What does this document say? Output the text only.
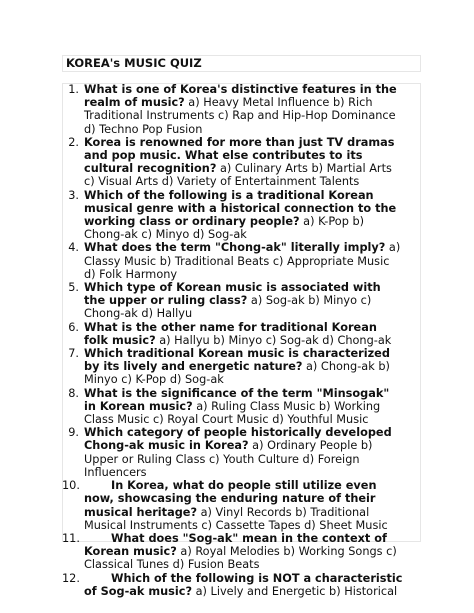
KOREA's MUSIC QUIZ
1. What is one of Korea's distinctive features in the realm of music? a) Heavy Metal Influence b) Rich Traditional Instruments c) Rap and Hip-Hop Dominance d) Techno Pop Fusion
2. Korea is renowned for more than just TV dramas and pop music. What else contributes to its cultural recognition? a) Culinary Arts b) Martial Arts c) Visual Arts d) Variety of Entertainment Talents
3. Which of the following is a traditional Korean musical genre with a historical connection to the working class or ordinary people? a) K-Pop b) Chong-ak c) Minyo d) Sog-ak
4. What does the term "Chong-ak" literally imply? a) Classy Music b) Traditional Beats c) Appropriate Music d) Folk Harmony
5. Which type of Korean music is associated with the upper or ruling class? a) Sog-ak b) Minyo c) Chong-ak d) Hallyu
6. What is the other name for traditional Korean folk music? a) Hallyu b) Minyo c) Sog-ak d) Chong-ak
7. Which traditional Korean music is characterized by its lively and energetic nature? a) Chong-ak b) Minyo c) K-Pop d) Sog-ak
8. What is the significance of the term "Minsogak" in Korean music? a) Ruling Class Music b) Working Class Music c) Royal Court Music d) Youthful Music
9. Which category of people historically developed Chong-ak music in Korea? a) Ordinary People b) Upper or Ruling Class c) Youth Culture d) Foreign Influencers
10.	In Korea, what do people still utilize even now, showcasing the enduring nature of their musical heritage? a) Vinyl Records b) Traditional Musical Instruments c) Cassette Tapes d) Sheet Music
11.	What does "Sog-ak" mean in the context of Korean music? a) Royal Melodies b) Working Songs c) Classical Tunes d) Fusion Beats
12.	Which of the following is NOT a characteristic of Sog-ak music? a) Lively and Energetic b) Historical
